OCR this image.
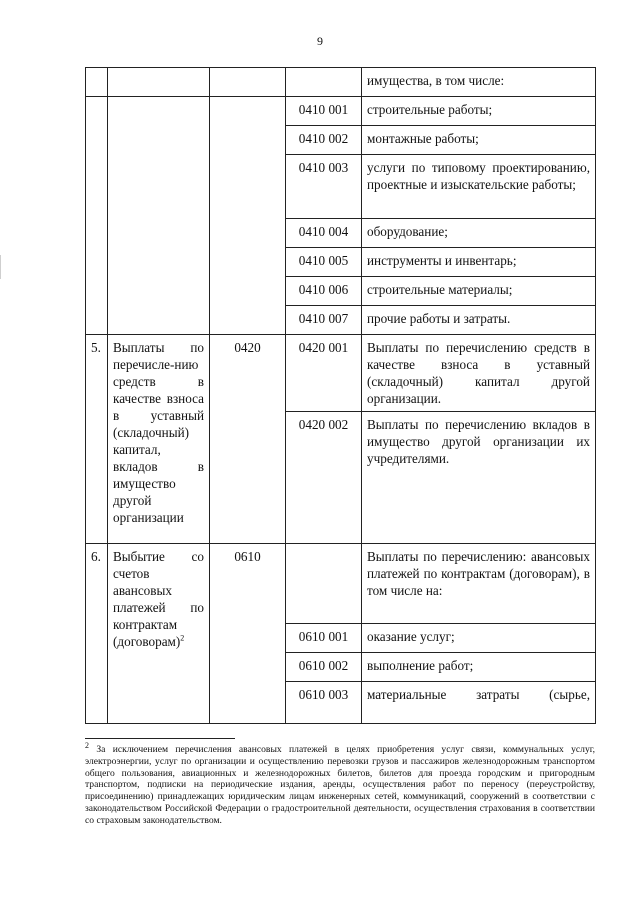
9
				имущества, в том числе:
			0410 001	строительные работы;
			0410 002	монтажные работы;
			0410 003	услуги по типовому проектированию, проектные и изыскательские работы;
			0410 004	оборудование;
			0410 005	инструменты и инвентарь;
			0410 006	строительные материалы;
			0410 007	прочие работы и затраты.
5.	Выплаты по перечисле-нию средств в качестве взноса в уставный (складочный) капитал, вкладов в имущество другой организации	0420	0420 001	Выплаты по перечислению средств в качестве взноса в уставный (складочный) капитал другой организации.
			0420 002	Выплаты по перечислению вкладов в имущество другой организации их учредителями.
6.	Выбытие со счетов авансовых платежей по контрактам (договорам)$^2$	0610		Выплаты по перечислению: авансовых платежей по контрактам (договорам), в том числе на:
			0610 001	оказание услуг;
			0610 002	выполнение работ;
			0610 003	материальные затраты (сырье,
$^2$ За исключением перечисления авансовых платежей в целях приобретения услуг связи, коммунальных услуг, электроэнергии, услуг по организации и осуществлению перевозки грузов и пассажиров железнодорожным транспортом общего пользования, авиационных и железнодорожных билетов, билетов для проезда городским и пригородным транспортом, подписки на периодические издания, аренды, осуществления работ по переносу (переустройству, присоединению) принадлежащих юридическим лицам инженерных сетей, коммуникаций, сооружений в соответствии с законодательством Российской Федерации о градостроительной деятельности, осуществления страхования в соответствии со страховым законодательством.
